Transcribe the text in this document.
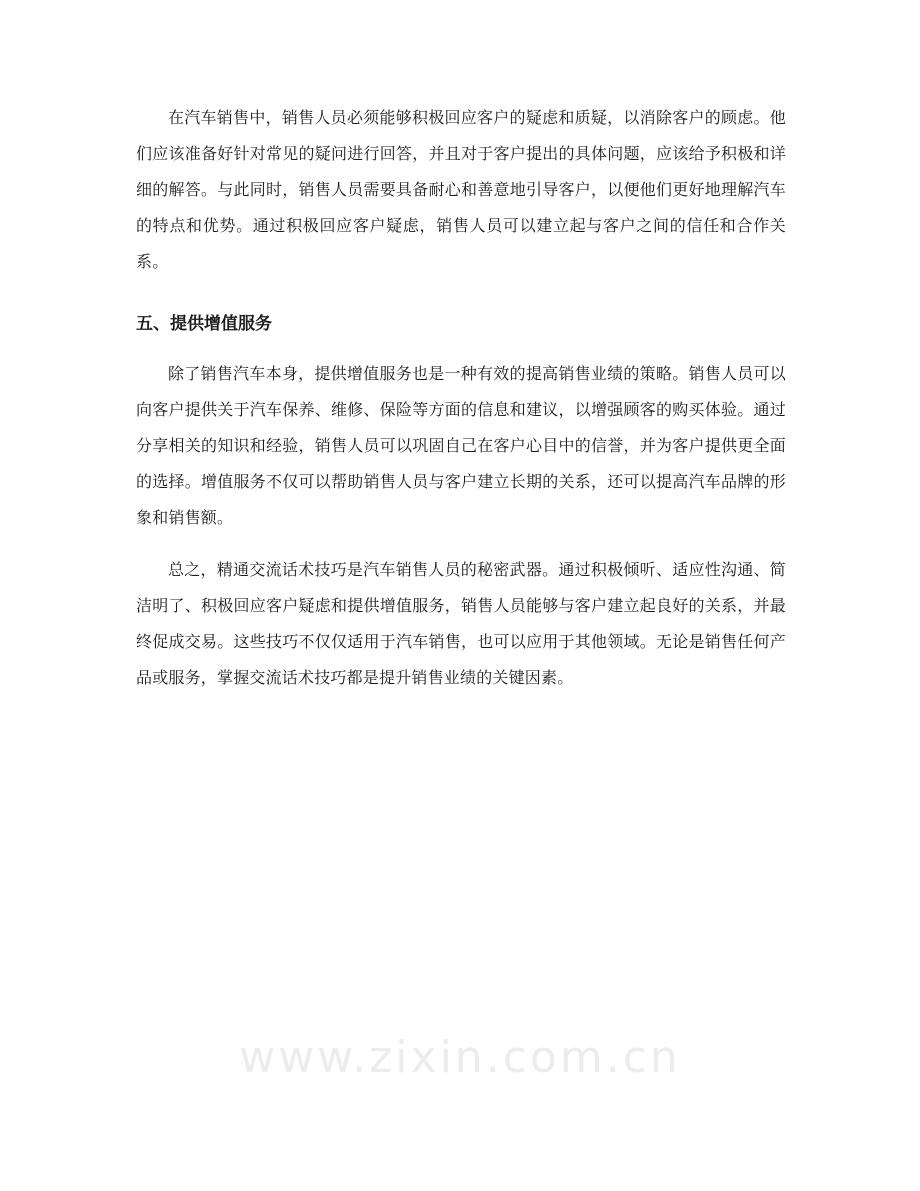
在汽车销售中，销售人员必须能够积极回应客户的疑虑和质疑，以消除客户的顾虑。他们应该准备好针对常见的疑问进行回答，并且对于客户提出的具体问题，应该给予积极和详细的解答。与此同时，销售人员需要具备耐心和善意地引导客户，以便他们更好地理解汽车的特点和优势。通过积极回应客户疑虑，销售人员可以建立起与客户之间的信任和合作关系。

五、提供增值服务

除了销售汽车本身，提供增值服务也是一种有效的提高销售业绩的策略。销售人员可以向客户提供关于汽车保养、维修、保险等方面的信息和建议，以增强顾客的购买体验。通过分享相关的知识和经验，销售人员可以巩固自己在客户心目中的信誉，并为客户提供更全面的选择。增值服务不仅可以帮助销售人员与客户建立长期的关系，还可以提高汽车品牌的形象和销售额。

总之，精通交流话术技巧是汽车销售人员的秘密武器。通过积极倾听、适应性沟通、简洁明了、积极回应客户疑虑和提供增值服务，销售人员能够与客户建立起良好的关系，并最终促成交易。这些技巧不仅仅适用于汽车销售，也可以应用于其他领域。无论是销售任何产品或服务，掌握交流话术技巧都是提升销售业绩的关键因素。

www.zixin.com.cn
